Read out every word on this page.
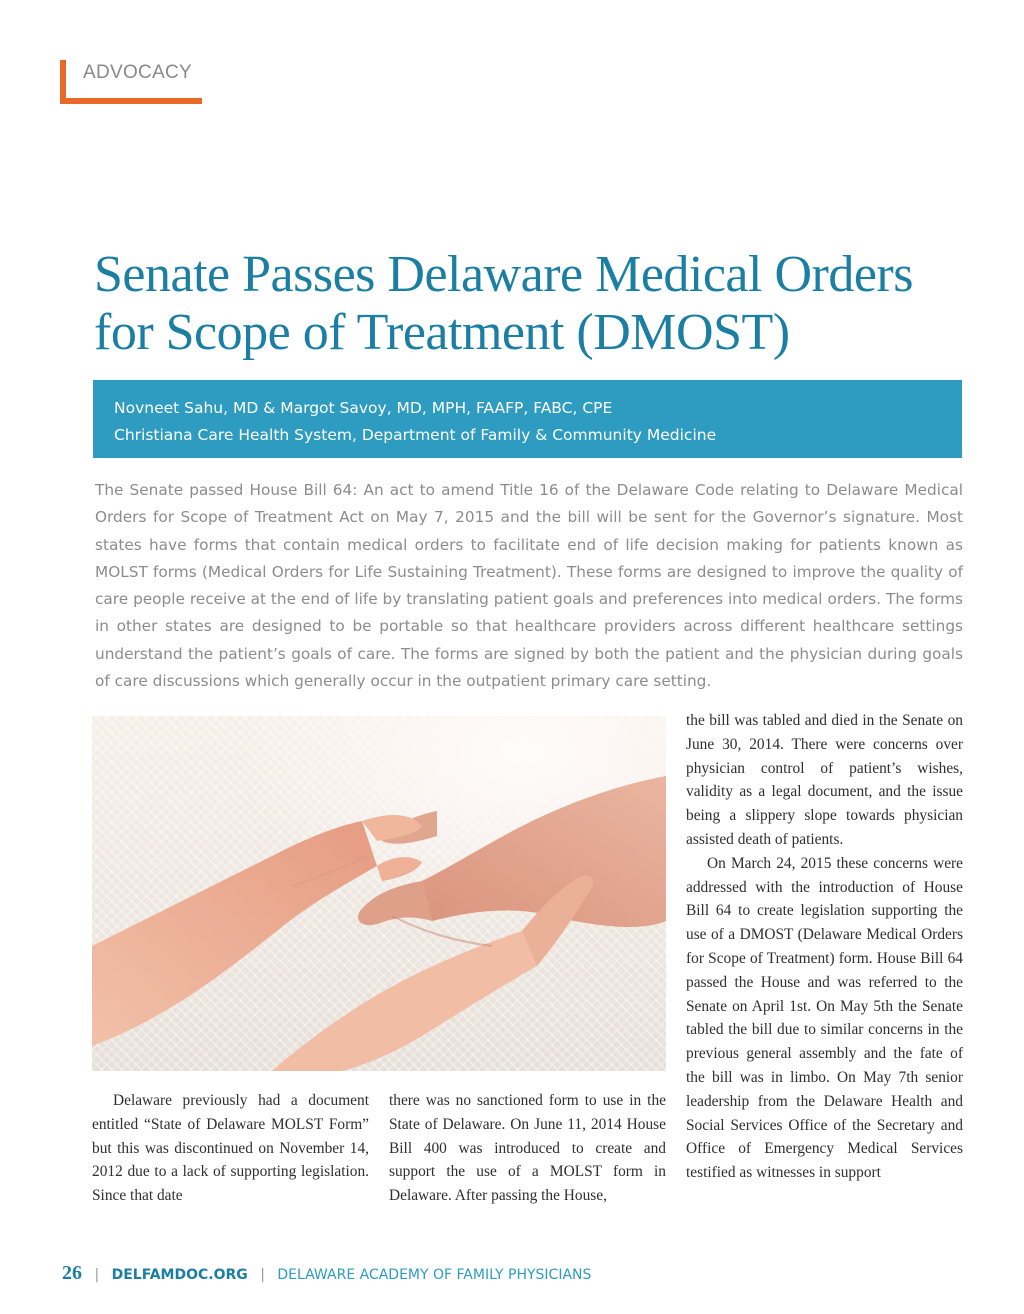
ADVOCACY
Senate Passes Delaware Medical Orders for Scope of Treatment (DMOST)
Novneet Sahu, MD & Margot Savoy, MD, MPH, FAAFP, FABC, CPE
Christiana Care Health System, Department of Family & Community Medicine

The Senate passed House Bill 64: An act to amend Title 16 of the Delaware Code relating to Delaware Medical Orders for Scope of Treatment Act on May 7, 2015 and the bill will be sent for the Governor’s signature. Most states have forms that contain medical orders to facilitate end of life decision making for patients known as MOLST forms (Medical Orders for Life Sustaining Treatment). These forms are designed to improve the quality of care people receive at the end of life by translating patient goals and preferences into medical orders. The forms in other states are designed to be portable so that healthcare providers across different healthcare settings understand the patient’s goals of care. The forms are signed by both the patient and the physician during goals of care discussions which generally occur in the outpatient primary care setting.

Delaware previously had a document entitled “State of Delaware MOLST Form” but this was discontinued on November 14, 2012 due to a lack of supporting legislation. Since that date

there was no sanctioned form to use in the State of Delaware. On June 11, 2014 House Bill 400 was introduced to create and support the use of a MOLST form in Delaware. After passing the House,

the bill was tabled and died in the Senate on June 30, 2014. There were concerns over physician control of patient’s wishes, validity as a legal document, and the issue being a slippery slope towards physician assisted death of patients.

On March 24, 2015 these concerns were addressed with the introduction of House Bill 64 to create legislation supporting the use of a DMOST (Delaware Medical Orders for Scope of Treatment) form. House Bill 64 passed the House and was referred to the Senate on April 1st. On May 5th the Senate tabled the bill due to similar concerns in the previous general assembly and the fate of the bill was in limbo. On May 7th senior leadership from the Delaware Health and Social Services Office of the Secretary and Office of Emergency Medical Services testified as witnesses in support

26 | DELFAMDOC.ORG | DELAWARE ACADEMY OF FAMILY PHYSICIANS
